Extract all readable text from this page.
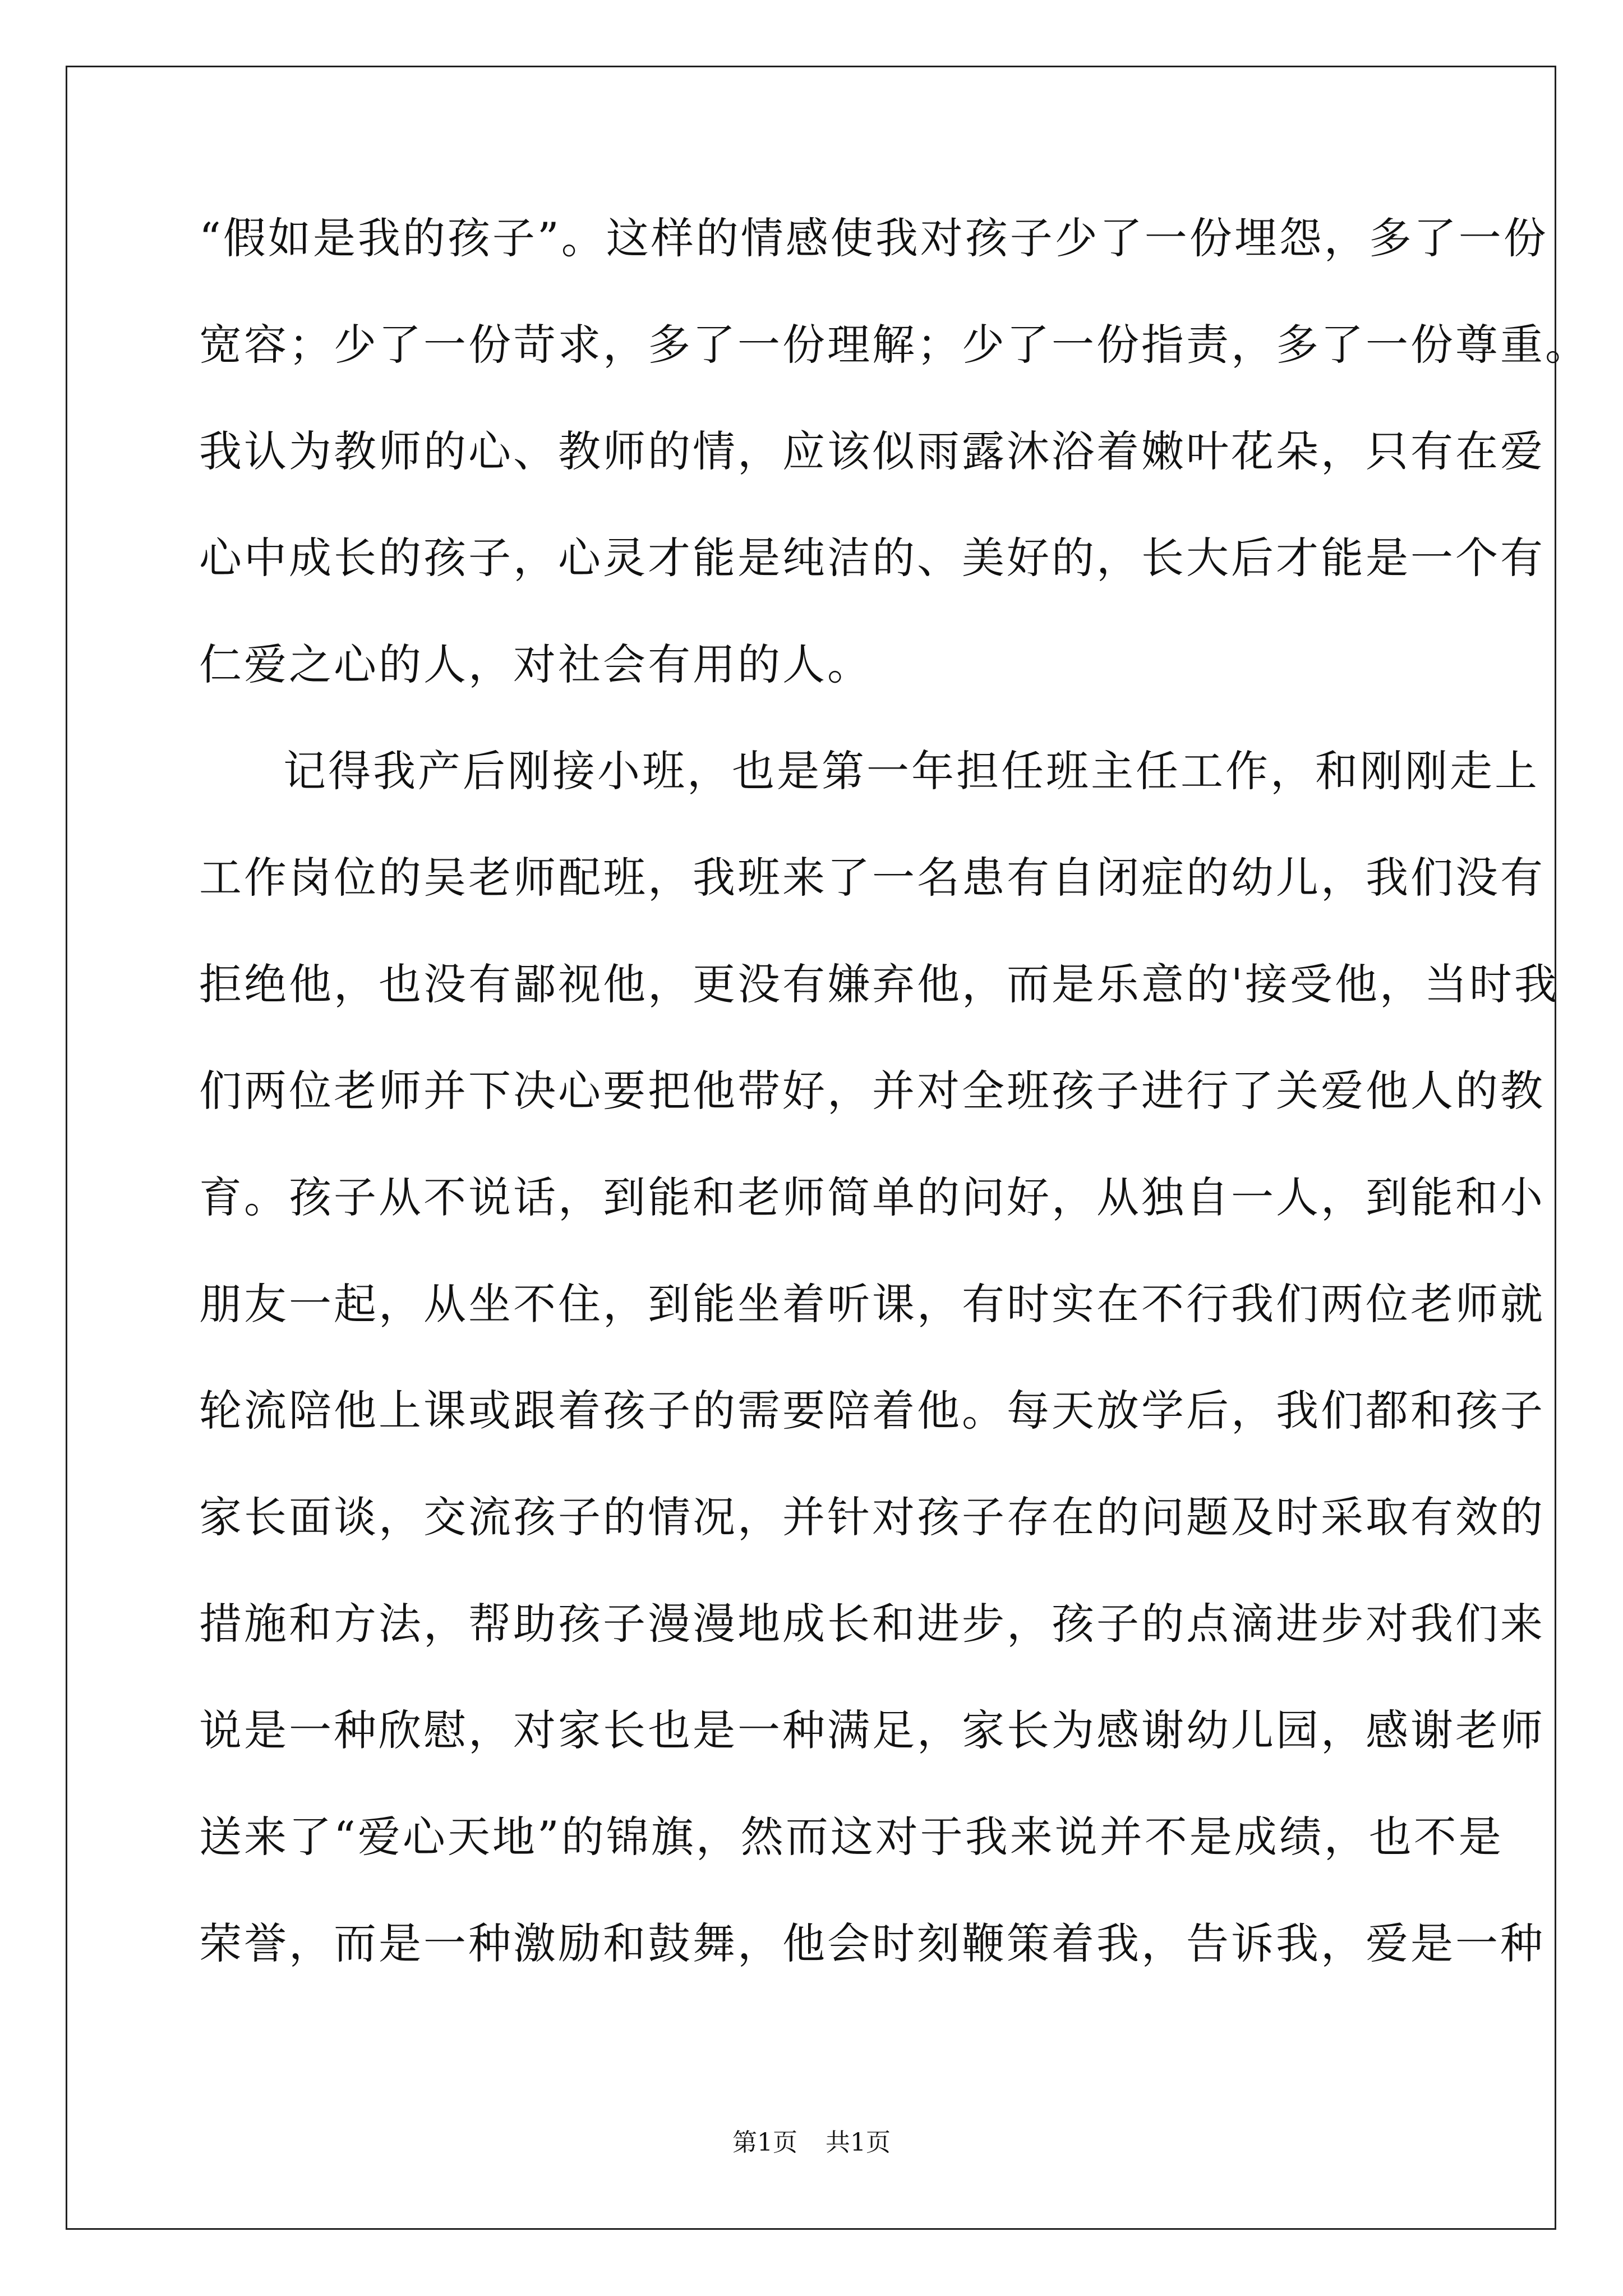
“假如是我的孩子”。这样的情感使我对孩子少了一份埋怨，多了一份
宽容；少了一份苛求，多了一份理解；少了一份指责，多了一份尊重。
我认为教师的心、教师的情，应该似雨露沐浴着嫩叶花朵，只有在爱
心中成长的孩子，心灵才能是纯洁的、美好的，长大后才能是一个有
仁爱之心的人，对社会有用的人。
记得我产后刚接小班，也是第一年担任班主任工作，和刚刚走上
工作岗位的吴老师配班，我班来了一名患有自闭症的幼儿，我们没有
拒绝他，也没有鄙视他，更没有嫌弃他，而是乐意的'接受他，当时我
们两位老师并下决心要把他带好，并对全班孩子进行了关爱他人的教
育。孩子从不说话，到能和老师简单的问好，从独自一人，到能和小
朋友一起，从坐不住，到能坐着听课，有时实在不行我们两位老师就
轮流陪他上课或跟着孩子的需要陪着他。每天放学后，我们都和孩子
家长面谈，交流孩子的情况，并针对孩子存在的问题及时采取有效的
措施和方法，帮助孩子漫漫地成长和进步，孩子的点滴进步对我们来
说是一种欣慰，对家长也是一种满足，家长为感谢幼儿园，感谢老师
送来了“爱心天地”的锦旗，然而这对于我来说并不是成绩，也不是
荣誉，而是一种激励和鼓舞，他会时刻鞭策着我，告诉我，爱是一种
第1页 共1页
